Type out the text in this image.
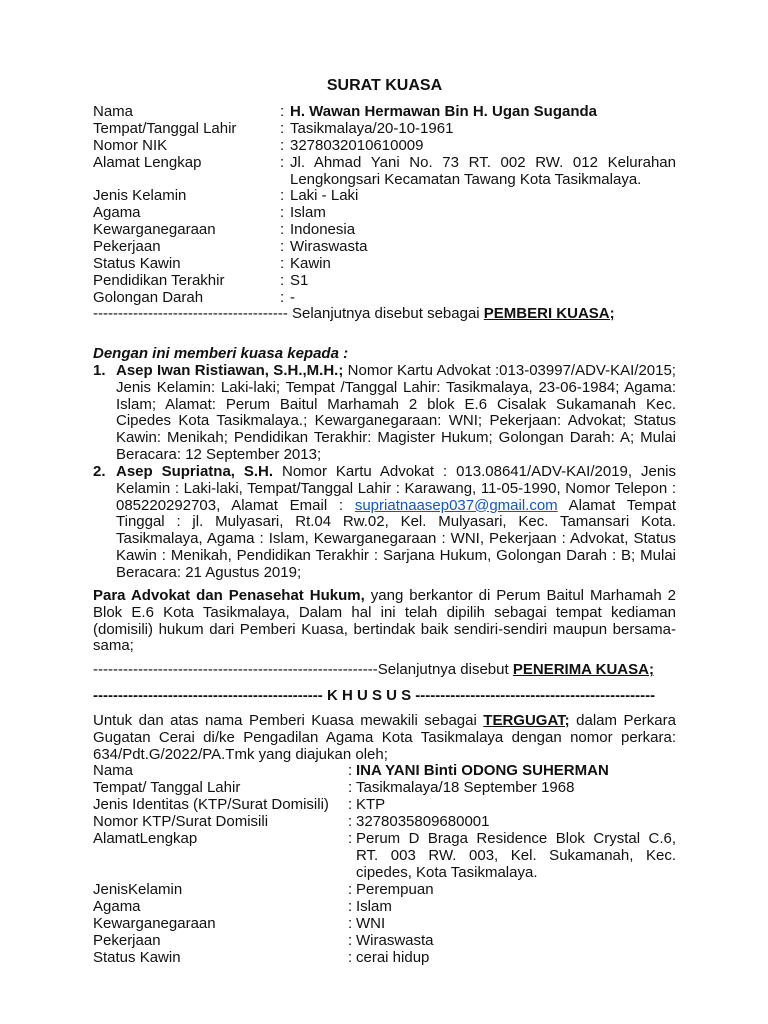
SURAT KUASA
Nama	: H. Wawan Hermawan Bin H. Ugan Suganda
Tempat/Tanggal Lahir	: Tasikmalaya/20-10-1961
Nomor NIK	: 3278032010610009
Alamat Lengkap	: Jl. Ahmad Yani No. 73 RT. 002 RW. 012 Kelurahan Lengkongsari Kecamatan Tawang Kota Tasikmalaya.
Jenis Kelamin	: Laki - Laki
Agama	: Islam
Kewarganegaraan	: Indonesia
Pekerjaan	: Wiraswasta
Status Kawin	: Kawin
Pendidikan Terakhir	: S1
Golongan Darah	: -
--------------------------------------- Selanjutnya disebut sebagai PEMBERI KUASA;
Dengan ini memberi kuasa kepada :
1. Asep Iwan Ristiawan, S.H.,M.H.; Nomor Kartu Advokat :013-03997/ADV-KAI/2015; Jenis Kelamin: Laki-laki; Tempat /Tanggal Lahir: Tasikmalaya, 23-06-1984; Agama: Islam; Alamat: Perum Baitul Marhamah 2 blok E.6 Cisalak Sukamanah Kec. Cipedes Kota Tasikmalaya.; Kewarganegaraan: WNI; Pekerjaan: Advokat; Status Kawin: Menikah; Pendidikan Terakhir: Magister Hukum; Golongan Darah: A; Mulai Beracara: 12 September 2013;
2. Asep Supriatna, S.H. Nomor Kartu Advokat : 013.08641/ADV-KAI/2019, Jenis Kelamin : Laki-laki, Tempat/Tanggal Lahir : Karawang, 11-05-1990, Nomor Telepon : 085220292703, Alamat Email : supriatnaasep037@gmail.com Alamat Tempat Tinggal : jl. Mulyasari, Rt.04 Rw.02, Kel. Mulyasari, Kec. Tamansari Kota. Tasikmalaya, Agama : Islam, Kewarganegaraan : WNI, Pekerjaan : Advokat, Status Kawin : Menikah, Pendidikan Terakhir : Sarjana Hukum, Golongan Darah : B; Mulai Beracara: 21 Agustus 2019;
Para Advokat dan Penasehat Hukum, yang berkantor di Perum Baitul Marhamah 2 Blok E.6 Kota Tasikmalaya, Dalam hal ini telah dipilih sebagai tempat kediaman (domisili) hukum dari Pemberi Kuasa, bertindak baik sendiri-sendiri maupun bersama-sama;
---------------------------------------------------------Selanjutnya disebut PENERIMA KUASA;
---------------------------------------------- K H U S U S ------------------------------------------------
Untuk dan atas nama Pemberi Kuasa mewakili sebagai TERGUGAT; dalam Perkara Gugatan Cerai di/ke Pengadilan Agama Kota Tasikmalaya dengan nomor perkara: 634/Pdt.G/2022/PA.Tmk yang diajukan oleh;
Nama	: INA YANI Binti ODONG SUHERMAN
Tempat/ Tanggal Lahir	: Tasikmalaya/18 September 1968
Jenis Identitas (KTP/Surat Domisili) : KTP
Nomor KTP/Surat Domisili	: 3278035809680001
AlamatLengkap	: Perum D Braga Residence Blok Crystal C.6, RT. 003 RW. 003, Kel. Sukamanah, Kec. cipedes, Kota Tasikmalaya.
JenisKelamin	: Perempuan
Agama	: Islam
Kewarganegaraan	: WNI
Pekerjaan	: Wiraswasta
Status Kawin	: cerai hidup
